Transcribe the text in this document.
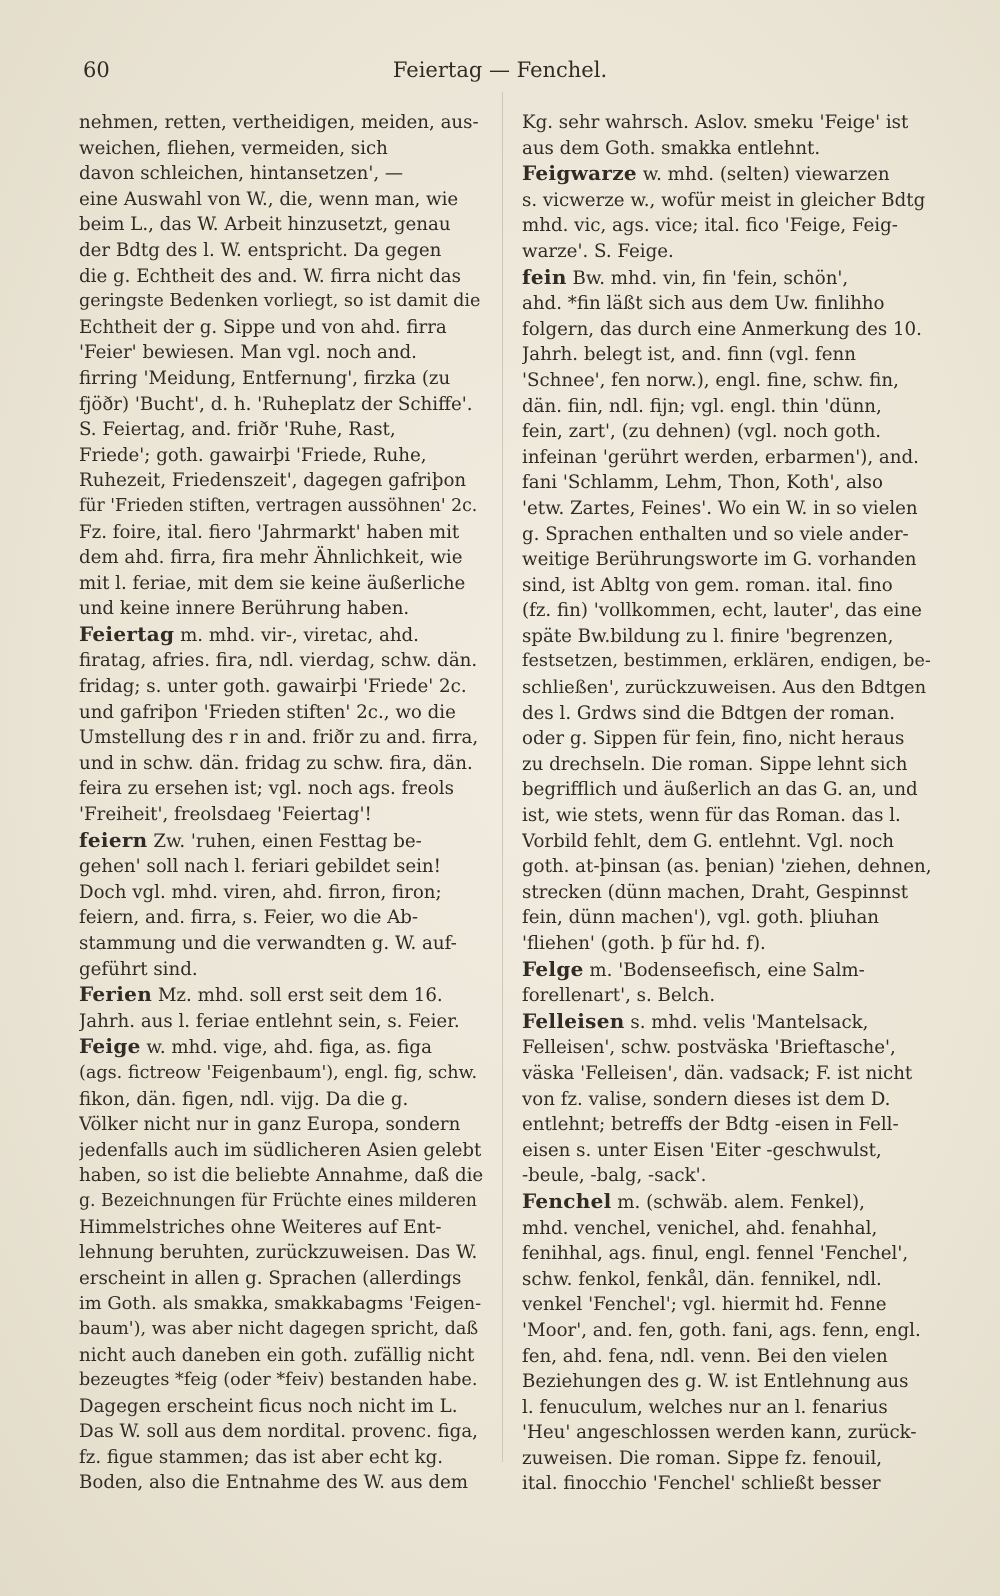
60	Feiertag — Fenchel.
nehmen, retten, vertheidigen, meiden, aus-
weichen, fliehen, vermeiden, sich
davon schleichen, hintansetzen', —
eine Auswahl von W., die, wenn man, wie
beim L., das W. Arbeit hinzusetzt, genau
der Bdtg des l. W. entspricht. Da gegen
die g. Echtheit des and. W. firra nicht das
geringste Bedenken vorliegt, so ist damit die
Echtheit der g. Sippe und von ahd. firra
'Feier' bewiesen. Man vgl. noch and.
firring 'Meidung, Entfernung', firzka (zu
fjöðr) 'Bucht', d. h. 'Ruheplatz der Schiffe'.
S. Feiertag, and. friðr 'Ruhe, Rast,
Friede'; goth. gawairþi 'Friede, Ruhe,
Ruhezeit, Friedenszeit', dagegen gafriþon
für 'Frieden stiften, vertragen aussöhnen' 2c.
Fz. foire, ital. fiero 'Jahrmarkt' haben mit
dem ahd. firra, fira mehr Ähnlichkeit, wie
mit l. feriae, mit dem sie keine äußerliche
und keine innere Berührung haben.
Feiertag m. mhd. vir-, viretac, ahd.
firatag, afries. fira, ndl. vierdag, schw. dän.
fridag; s. unter goth. gawairþi 'Friede' 2c.
und gafriþon 'Frieden stiften' 2c., wo die
Umstellung des r in and. friðr zu and. firra,
und in schw. dän. fridag zu schw. fira, dän.
feira zu ersehen ist; vgl. noch ags. freols
'Freiheit', freolsdaeg 'Feiertag'!
feiern Zw. 'ruhen, einen Festtag be-
gehen' soll nach l. feriari gebildet sein!
Doch vgl. mhd. viren, ahd. firron, firon;
feiern, and. firra, s. Feier, wo die Ab-
stammung und die verwandten g. W. auf-
geführt sind.
Ferien Mz. mhd. soll erst seit dem 16.
Jahrh. aus l. feriae entlehnt sein, s. Feier.
Feige w. mhd. vige, ahd. figa, as. figa
(ags. fictreow 'Feigenbaum'), engl. fig, schw.
fikon, dän. figen, ndl. vijg. Da die g.
Völker nicht nur in ganz Europa, sondern
jedenfalls auch im südlicheren Asien gelebt
haben, so ist die beliebte Annahme, daß die
g. Bezeichnungen für Früchte eines milderen
Himmelstriches ohne Weiteres auf Ent-
lehnung beruhten, zurückzuweisen. Das W.
erscheint in allen g. Sprachen (allerdings
im Goth. als smakka, smakkabagms 'Feigen-
baum'), was aber nicht dagegen spricht, daß
nicht auch daneben ein goth. zufällig nicht
bezeugtes *feig (oder *feiv) bestanden habe.
Dagegen erscheint ficus noch nicht im L.
Das W. soll aus dem nordital. provenc. figa,
fz. figue stammen; das ist aber echt kg.
Boden, also die Entnahme des W. aus dem
Kg. sehr wahrsch. Aslov. smeku 'Feige' ist
aus dem Goth. smakka entlehnt.
Feigwarze w. mhd. (selten) viewarzen
s. vicwerze w., wofür meist in gleicher Bdtg
mhd. vic, ags. vice; ital. fico 'Feige, Feig-
warze'. S. Feige.
fein Bw. mhd. vin, fin 'fein, schön',
ahd. *fin läßt sich aus dem Uw. finlihho
folgern, das durch eine Anmerkung des 10.
Jahrh. belegt ist, and. finn (vgl. fenn
'Schnee', fen norw.), engl. fine, schw. fin,
dän. fiin, ndl. fijn; vgl. engl. thin 'dünn,
fein, zart', (zu dehnen) (vgl. noch goth.
infeinan 'gerührt werden, erbarmen'), and.
fani 'Schlamm, Lehm, Thon, Koth', also
'etw. Zartes, Feines'. Wo ein W. in so vielen
g. Sprachen enthalten und so viele ander-
weitige Berührungsworte im G. vorhanden
sind, ist Abltg von gem. roman. ital. fino
(fz. fin) 'vollkommen, echt, lauter', das eine
späte Bw.bildung zu l. finire 'begrenzen,
festsetzen, bestimmen, erklären, endigen, be-
schließen', zurückzuweisen. Aus den Bdtgen
des l. Grdws sind die Bdtgen der roman.
oder g. Sippen für fein, fino, nicht heraus
zu drechseln. Die roman. Sippe lehnt sich
begrifflich und äußerlich an das G. an, und
ist, wie stets, wenn für das Roman. das l.
Vorbild fehlt, dem G. entlehnt. Vgl. noch
goth. at-þinsan (as. þenian) 'ziehen, dehnen,
strecken (dünn machen, Draht, Gespinnst
fein, dünn machen'), vgl. goth. þliuhan
'fliehen' (goth. þ für hd. f).
Felge m. 'Bodenseefisch, eine Salm-
forellenart', s. Belch.
Felleisen s. mhd. velis 'Mantelsack,
Felleisen', schw. postväska 'Brieftasche',
väska 'Felleisen', dän. vadsack; F. ist nicht
von fz. valise, sondern dieses ist dem D.
entlehnt; betreffs der Bdtg -eisen in Fell-
eisen s. unter Eisen 'Eiter -geschwulst,
-beule, -balg, -sack'.
Fenchel m. (schwäb. alem. Fenkel),
mhd. venchel, venichel, ahd. fenahhal,
fenihhal, ags. finul, engl. fennel 'Fenchel',
schw. fenkol, fenkål, dän. fennikel, ndl.
venkel 'Fenchel'; vgl. hiermit hd. Fenne
'Moor', and. fen, goth. fani, ags. fenn, engl.
fen, ahd. fena, ndl. venn. Bei den vielen
Beziehungen des g. W. ist Entlehnung aus
l. fenuculum, welches nur an l. fenarius
'Heu' angeschlossen werden kann, zurück-
zuweisen. Die roman. Sippe fz. fenouil,
ital. finocchio 'Fenchel' schließt besser
